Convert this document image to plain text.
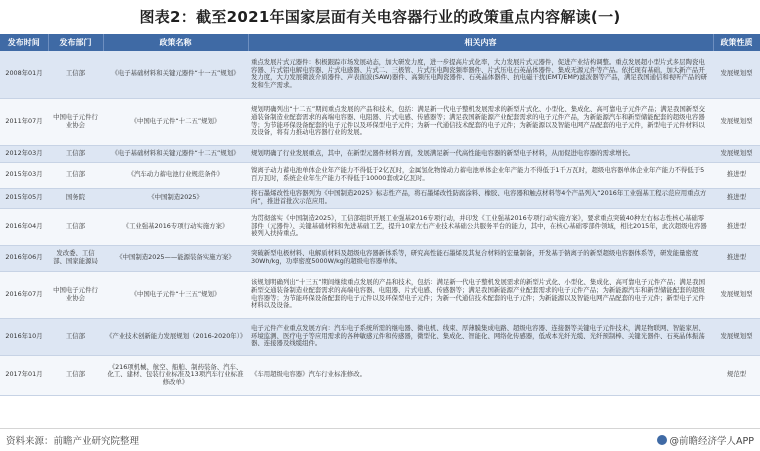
图表2：截至2021年国家层面有关电容器行业的政策重点内容解读(一)
发布时间	发布部门	政策名称	相关内容	政策性质
2008年01月	工信部	《电子基础材料和关键元器件“十一五”规划》	重点发展片式元器件：积极跟踪市场发展动态，加大研发力度，进一步提高片式化率，大力发展片式元器件，促进产业结构调整。重点发展超小型片式多层陶瓷电容器、片式铝电解电容器、片式电感器、片式二、三极管、片式压电陶瓷频率器件、片式压电石英晶体器件、集成无源元件等产品。依托现有基础，加大新产品开发力度，大力发展微波介质器件、声表面波(SAW)器件、高频压电陶瓷器件、石英晶体器件、抗电磁干扰(EMT/EMP)滤波器等产品，满足我国通信和视听产品的研发和生产需求。	发展规划型
2011年07月	中国电子元件行业协会	《中国电子元件“十二五”规划》	规划明确列出“十二五”期间重点发展的产品和技术，包括：满足新一代电子整机发展需求的新型片式化、小型化、集成化、高可靠电子元件产品；满足我国新型交通装备制造业配套需求的高端电容器、电阻器、片式电感、传感器等；满足我国新能源产业配套需求的电子元件产品，为新能源汽车和新型储能配套的超级电容器等；为节能环保设备配套的电子元件以及环保型电子元件；为新一代通信技术配套的电子元件；为新能源以及智能电网产品配套的电子元件，新型电子元件材料以及设备，将有力推动电容器行业的发展。	发展规划型
2012年03月	工信部	《电子基础材料和关键元器件“十二五”规划》	规划明确了行业发展重点，其中，在新型元器件材料方面，发展满足新一代高性能电容器的新型电子材料，从而促进电容器的需求增长。	发展规划型
2015年03月	工信部	《汽车动力蓄电池行业规范条件》	镍离子动力蓄电池单体企业年产能力不得低于2亿瓦时，金属氢化物镍动力蓄电池单体企业年产能力不得低于1千万瓦时，超级电容器单体企业年产能力不得低于5百万瓦时，系统企业年生产能力不得低于10000套或2亿瓦时。	推进型
2015年05月	国务院	《中国制造2025》	将石墨烯改性电容器列为《中国制造2025》标志性产品，将石墨烯改性防腐涂料、橡胶、电容器和触点材料等4个产品列入“2016年工业强基工程示范应用重点方向”，推进首批次示范应用。	推进型
2016年04月	工信部	《工业强基2016专项行动实施方案》	为贯彻落实《中国制造2025》，工信部组织开展工业强基2016专项行动，并印发《工业强基2016专项行动实施方案》，要求重点突破40种左右标志性核心基础零部件（元器件）、关键基础材料和先进基础工艺，提升10家左右产业技术基础公共服务平台的能力，其中，在核心基础零部件领域，相比2015年，此次超级电容器被列入扶持重点。	推进型
2016年06月	发改委、工信部、国家能源局	《中国制造2025——能源装备实施方案》	突破新型电极材料、电解质材料及超级电容器新体系等，研究高性能石墨烯及其复合材料的宏量制备，开发基于钠离子的新型超级电容器体系等，研发能量密度30Wh/kg，功率密度5000W/kg的超级电容器单体。	推进型
2016年07月	中国电子元件行业协会	《中国电子元件“十三五”规划》	该规划明确列出“十三五”期间继续重点发展的产品和技术，包括：满足新一代电子整机发展需求的新型片式化、小型化、集成化、高可靠电子元件产品；满足我国新型交通装备制造业配套需求的高端电容器、电阻器、片式电感、传感器等；满足我国新能源产业配套需求的电子元件产品；为新能源汽车和新型储能配套的超级电容器等；为节能环保设备配套的电子元件以及环保型电子元件；为新一代通信技术配套的电子元件；为新能源以及智能电网产品配套的电子元件；新型电子元件材料以及设备。	发展规划型
2016年10月	工信部	《产业技术创新能力发展规划（2016-2020年）》	电子元件产业重点发展方向：汽车电子系统所需的继电器、微电机、线束、厚薄膜集成电路、超级电容器、连接器等关键电子元件技术，满足物联网、智能家居、环境监测、医疗电子等应用需求的各种敏感元件和传感器，微型化、集成化、智能化、网络化传感器，低成本光纤光缆、光纤预制棒、关键光器件、石英晶体振荡器、连接器及线缆组件。	发展规划型
2017年01月	工信部	《216项机械、航空、船舶、制药装备、汽车、化工、建材、包装行业标准及13项汽车行业标准修改单》	《车用超级电容器》汽车行业标准修改。	规范型
资料来源：前瞻产业研究院整理	@前瞻经济学人APP
